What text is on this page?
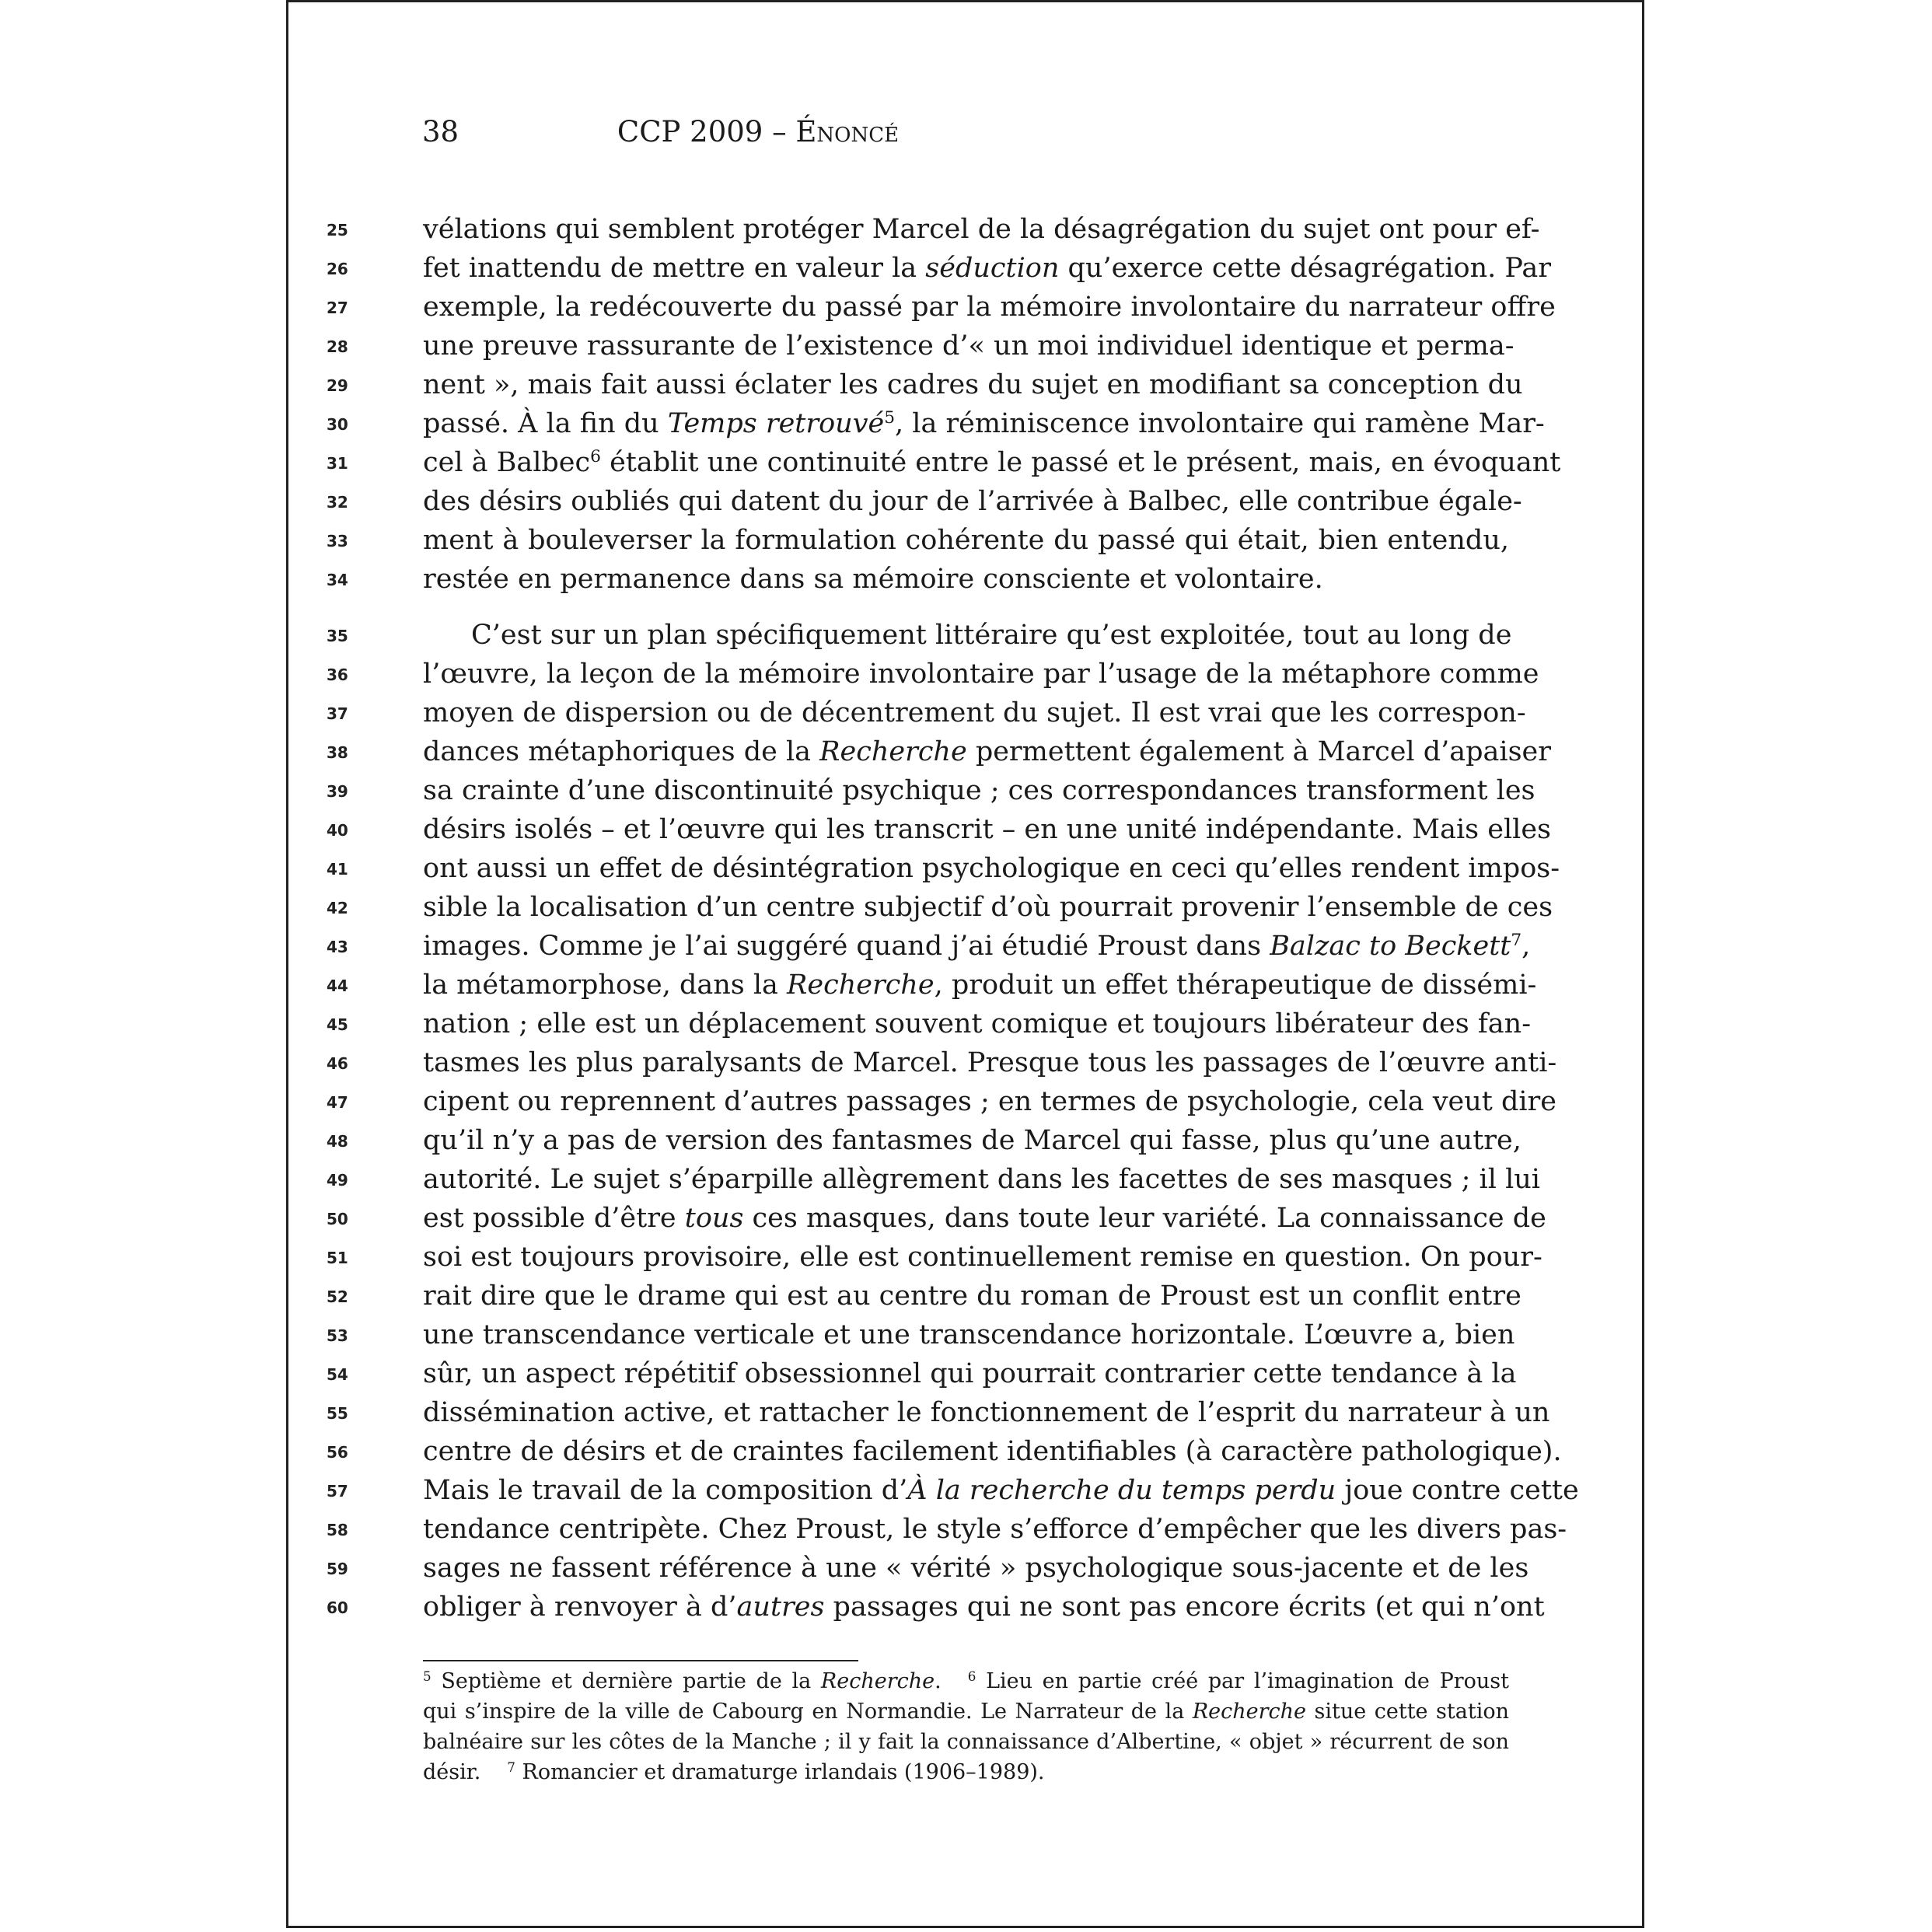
38	CCP 2009 – Énoncé
25	vélations qui semblent protéger Marcel de la désagrégation du sujet ont pour ef-
26	fet inattendu de mettre en valeur la séduction qu’exerce cette désagrégation. Par
27	exemple, la redécouverte du passé par la mémoire involontaire du narrateur offre
28	une preuve rassurante de l’existence d’« un moi individuel identique et perma-
29	nent », mais fait aussi éclater les cadres du sujet en modifiant sa conception du
30	passé. À la fin du Temps retrouvé$^5$, la réminiscence involontaire qui ramène Mar-
31	cel à Balbec$^6$ établit une continuité entre le passé et le présent, mais, en évoquant
32	des désirs oubliés qui datent du jour de l’arrivée à Balbec, elle contribue égale-
33	ment à bouleverser la formulation cohérente du passé qui était, bien entendu,
34	restée en permanence dans sa mémoire consciente et volontaire.
35	C’est sur un plan spécifiquement littéraire qu’est exploitée, tout au long de
36	l’œuvre, la leçon de la mémoire involontaire par l’usage de la métaphore comme
37	moyen de dispersion ou de décentrement du sujet. Il est vrai que les correspon-
38	dances métaphoriques de la Recherche permettent également à Marcel d’apaiser
39	sa crainte d’une discontinuité psychique ; ces correspondances transforment les
40	désirs isolés – et l’œuvre qui les transcrit – en une unité indépendante. Mais elles
41	ont aussi un effet de désintégration psychologique en ceci qu’elles rendent impos-
42	sible la localisation d’un centre subjectif d’où pourrait provenir l’ensemble de ces
43	images. Comme je l’ai suggéré quand j’ai étudié Proust dans Balzac to Beckett$^7$,
44	la métamorphose, dans la Recherche, produit un effet thérapeutique de dissémi-
45	nation ; elle est un déplacement souvent comique et toujours libérateur des fan-
46	tasmes les plus paralysants de Marcel. Presque tous les passages de l’œuvre anti-
47	cipent ou reprennent d’autres passages ; en termes de psychologie, cela veut dire
48	qu’il n’y a pas de version des fantasmes de Marcel qui fasse, plus qu’une autre,
49	autorité. Le sujet s’éparpille allègrement dans les facettes de ses masques ; il lui
50	est possible d’être tous ces masques, dans toute leur variété. La connaissance de
51	soi est toujours provisoire, elle est continuellement remise en question. On pour-
52	rait dire que le drame qui est au centre du roman de Proust est un conflit entre
53	une transcendance verticale et une transcendance horizontale. L’œuvre a, bien
54	sûr, un aspect répétitif obsessionnel qui pourrait contrarier cette tendance à la
55	dissémination active, et rattacher le fonctionnement de l’esprit du narrateur à un
56	centre de désirs et de craintes facilement identifiables (à caractère pathologique).
57	Mais le travail de la composition d’À la recherche du temps perdu joue contre cette
58	tendance centripète. Chez Proust, le style s’efforce d’empêcher que les divers pas-
59	sages ne fassent référence à une « vérité » psychologique sous-jacente et de les
60	obliger à renvoyer à d’autres passages qui ne sont pas encore écrits (et qui n’ont
$^5$ Septième et dernière partie de la Recherche. $^6$ Lieu en partie créé par l’imagination de Proust
qui s’inspire de la ville de Cabourg en Normandie. Le Narrateur de la Recherche situe cette station
balnéaire sur les côtes de la Manche ; il y fait la connaissance d’Albertine, « objet » récurrent de son
désir. $^7$ Romancier et dramaturge irlandais (1906–1989).
